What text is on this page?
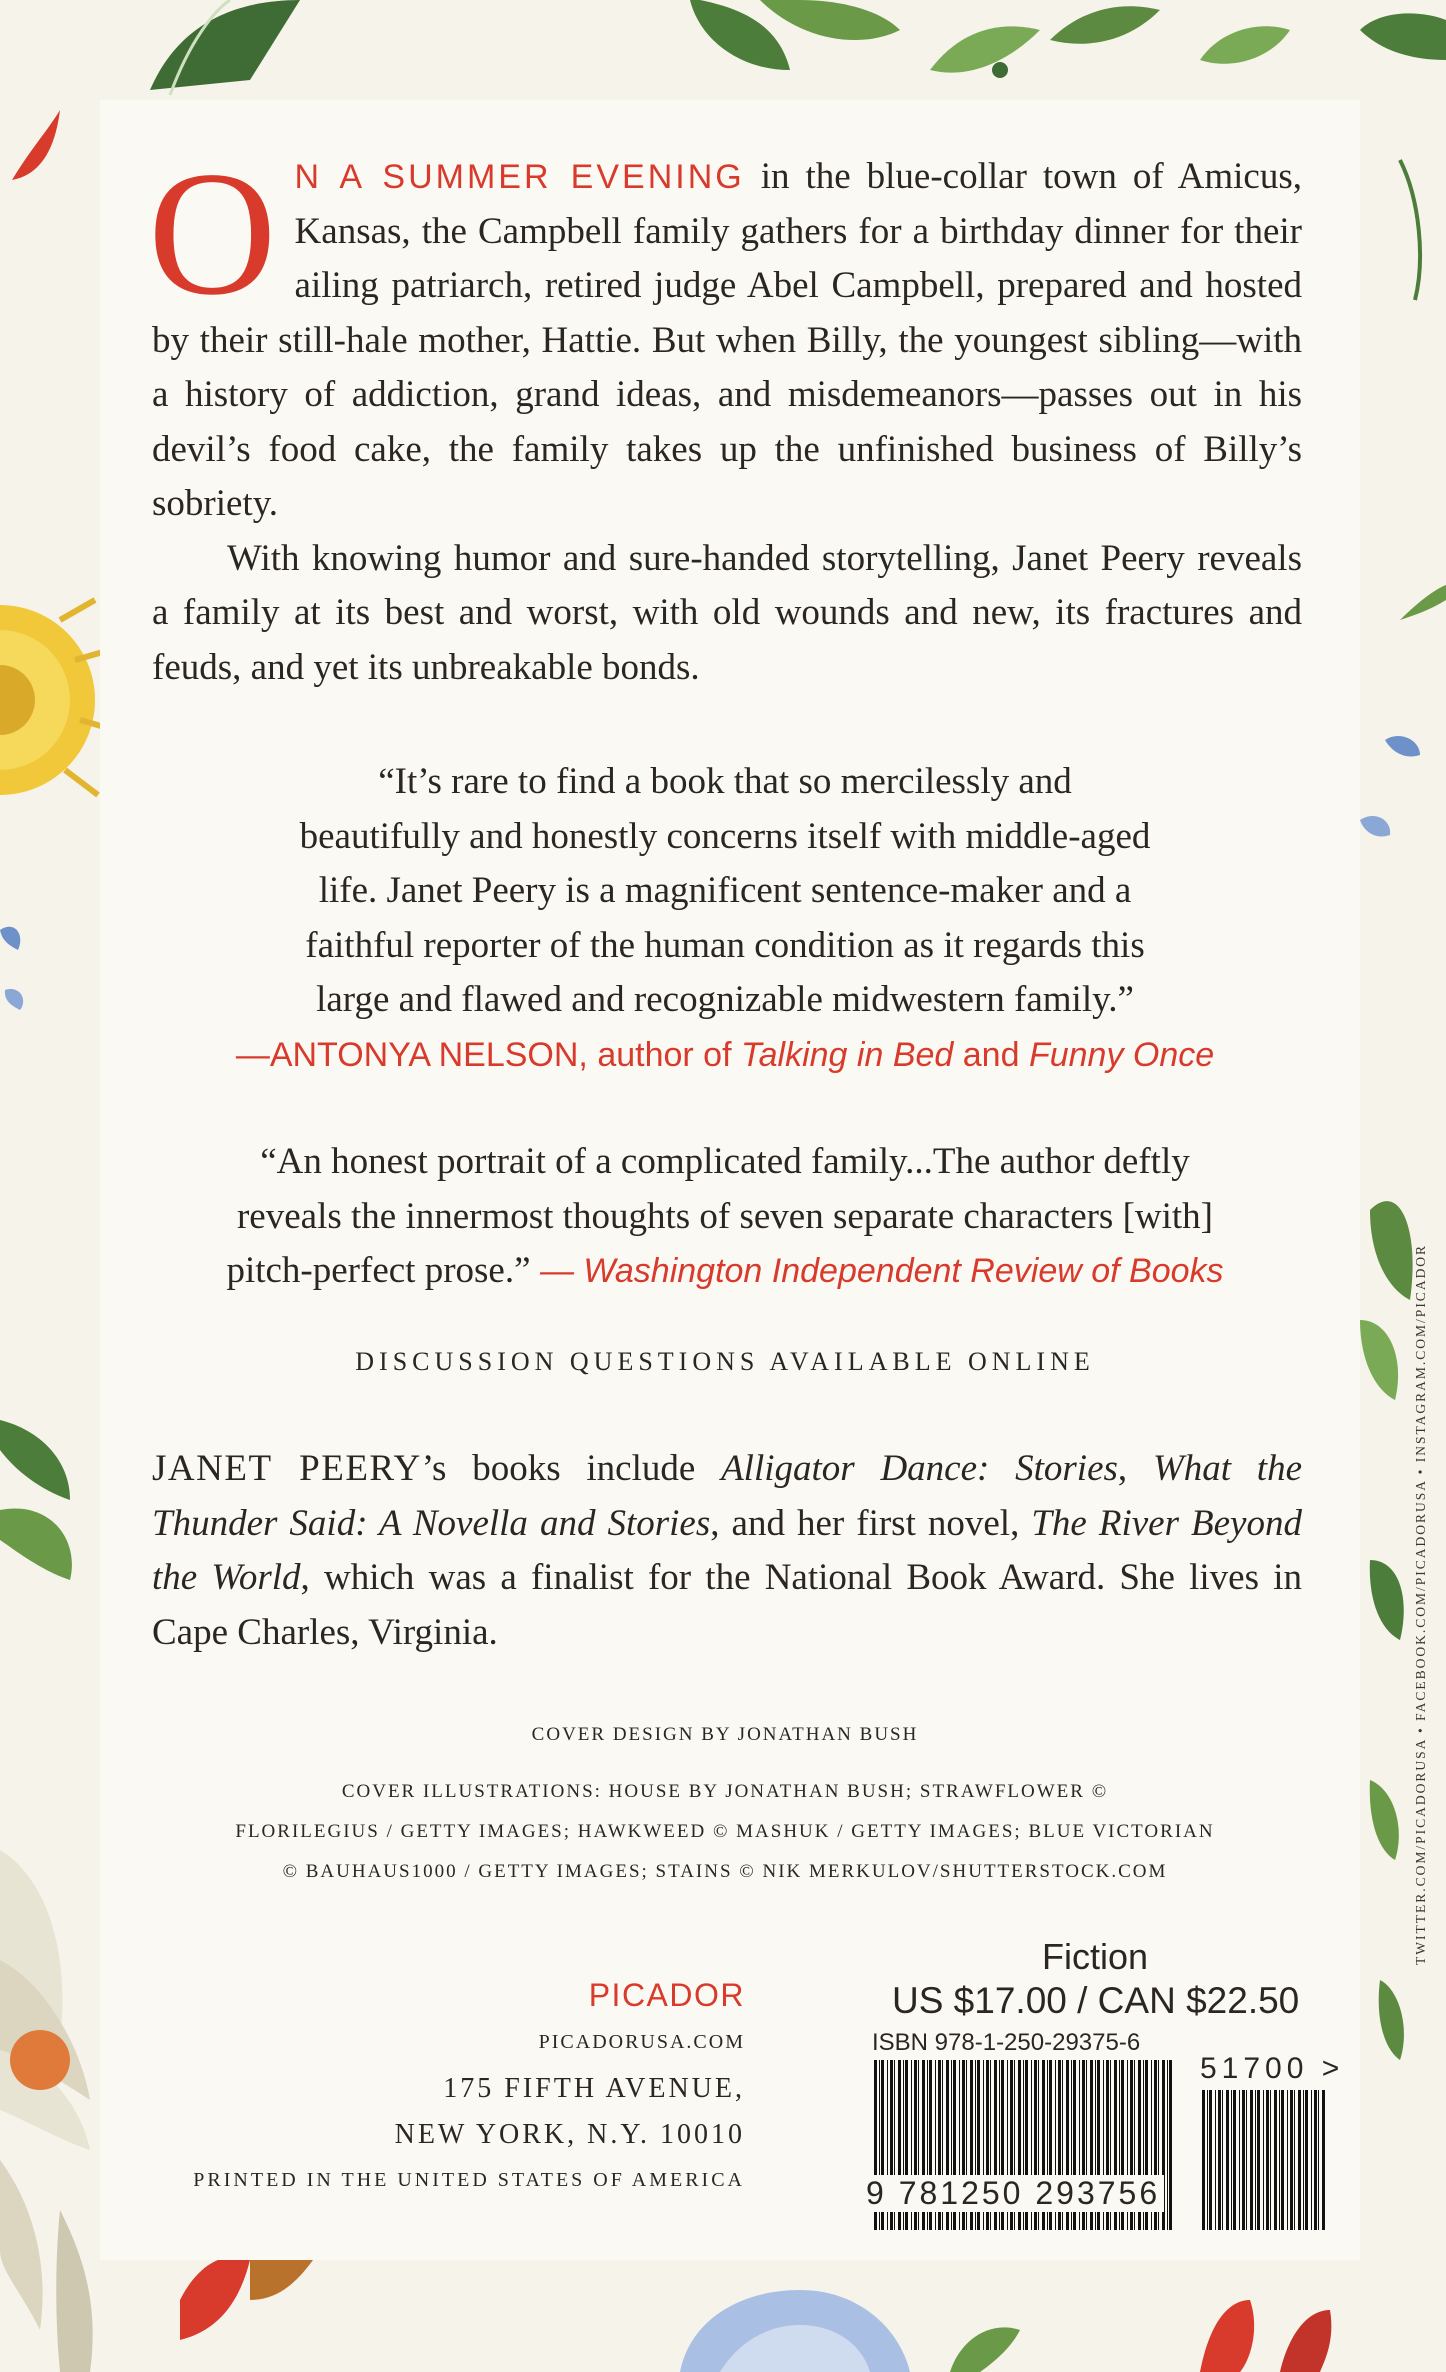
O N A SUMMER EVENING in the blue-collar town of Amicus, Kansas, the Campbell family gathers for a birthday dinner for their ailing patriarch, retired judge Abel Campbell, prepared and hosted by their still-hale mother, Hattie. But when Billy, the youngest sibling—with a history of addiction, grand ideas, and misdemeanors—passes out in his devil’s food cake, the family takes up the unfinished business of Billy’s sobriety.

With knowing humor and sure-handed storytelling, Janet Peery reveals a family at its best and worst, with old wounds and new, its fractures and feuds, and yet its unbreakable bonds.

“It’s rare to find a book that so mercilessly and
beautifully and honestly concerns itself with middle-aged
life. Janet Peery is a magnificent sentence-maker and a
faithful reporter of the human condition as it regards this
large and flawed and recognizable midwestern family.”
—ANTONYA NELSON, author of Talking in Bed and Funny Once
“An honest portrait of a complicated family...The author deftly
reveals the innermost thoughts of seven separate characters [with]
pitch-perfect prose.” — Washington Independent Review of Books
DISCUSSION QUESTIONS AVAILABLE ONLINE
JANET PEERY’s books include Alligator Dance: Stories, What the Thunder Said: A Novella and Stories, and her first novel, The River Beyond the World, which was a finalist for the National Book Award. She lives in Cape Charles, Virginia.
COVER DESIGN BY JONATHAN BUSH
COVER ILLUSTRATIONS: HOUSE BY JONATHAN BUSH; STRAWFLOWER ©
FLORILEGIUS / GETTY IMAGES; HAWKWEED © MASHUK / GETTY IMAGES; BLUE VICTORIAN
© BAUHAUS1000 / GETTY IMAGES; STAINS © NIK MERKULOV/SHUTTERSTOCK.COM
PICADOR
PICADORUSA.COM
175 FIFTH AVENUE,
NEW YORK, N.Y. 10010
PRINTED IN THE UNITED STATES OF AMERICA
Fiction
US $17.00 / CAN $22.50
ISBN 978-1-250-29375-6
9 781250 293756
51700 >
TWITTER.COM/PICADORUSA • FACEBOOK.COM/PICADORUSA • INSTAGRAM.COM/PICADOR
